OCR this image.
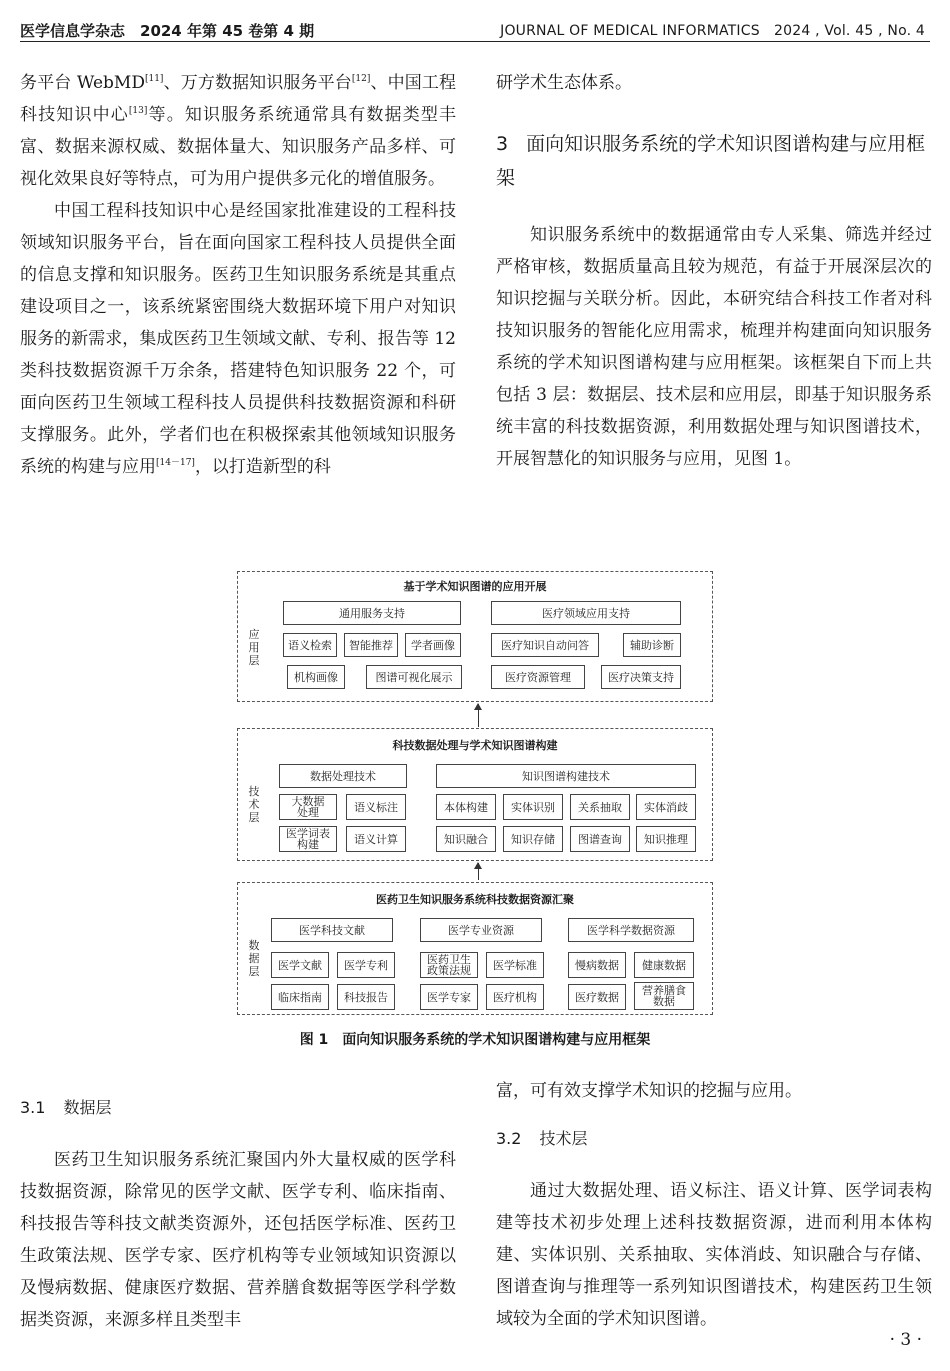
医学信息学杂志　2024 年第 45 卷第 4 期	JOURNAL OF MEDICAL INFORMATICS　2024 , Vol. 45 , No. 4

务平台 WebMD[11]、万方数据知识服务平台[12]、中国工程科技知识中心[13]等。知识服务系统通常具有数据类型丰富、数据来源权威、数据体量大、知识服务产品多样、可视化效果良好等特点，可为用户提供多元化的增值服务。

中国工程科技知识中心是经国家批准建设的工程科技领域知识服务平台，旨在面向国家工程科技人员提供全面的信息支撑和知识服务。医药卫生知识服务系统是其重点建设项目之一，该系统紧密围绕大数据环境下用户对知识服务的新需求，集成医药卫生领域文献、专利、报告等 12 类科技数据资源千万余条，搭建特色知识服务 22 个，可面向医药卫生领域工程科技人员提供科技数据资源和科研支撑服务。此外，学者们也在积极探索其他领域知识服务系统的构建与应用[14－17]，以打造新型的科

研学术生态体系。

3 面向知识服务系统的学术知识图谱构建与应用框架

知识服务系统中的数据通常由专人采集、筛选并经过严格审核，数据质量高且较为规范，有益于开展深层次的知识挖掘与关联分析。因此，本研究结合科技工作者对科技知识服务的智能化应用需求，梳理并构建面向知识服务系统的学术知识图谱构建与应用框架。该框架自下而上共包括 3 层：数据层、技术层和应用层，即基于知识服务系统丰富的科技数据资源，利用数据处理与知识图谱技术，开展智慧化的知识服务与应用，见图 1。

基于学术知识图谱的应用开展
应
用
层
通用服务支持	医疗领域应用支持
语义检索	智能推荐	学者画像
机构画像	图谱可视化展示
医疗知识自动问答	辅助诊断
医疗资源管理	医疗决策支持
科技数据处理与学术知识图谱构建
技
术
层
数据处理技术	知识图谱构建技术
大数据
处理	语义标注
医学词表
构建	语义计算
本体构建	实体识别	关系抽取	实体消歧
知识融合	知识存储	图谱查询	知识推理
医药卫生知识服务系统科技数据资源汇聚
数
据
层
医学科技文献	医学专业资源	医学科学数据资源
医学文献	医学专利
临床指南	科技报告
医药卫生
政策法规	医学标准
医学专家	医疗机构
慢病数据	健康数据
医疗数据	营养膳食
数据
图 1 面向知识服务系统的学术知识图谱构建与应用框架
3.1 数据层

医药卫生知识服务系统汇聚国内外大量权威的医学科技数据资源，除常见的医学文献、医学专利、临床指南、科技报告等科技文献类资源外，还包括医学标准、医药卫生政策法规、医学专家、医疗机构等专业领域知识资源以及慢病数据、健康医疗数据、营养膳食数据等医学科学数据类资源，来源多样且类型丰

富，可有效支撑学术知识的挖掘与应用。

3.2 技术层

通过大数据处理、语义标注、语义计算、医学词表构建等技术初步处理上述科技数据资源，进而利用本体构建、实体识别、关系抽取、实体消歧、知识融合与存储、图谱查询与推理等一系列知识图谱技术，构建医药卫生领域较为全面的学术知识图谱。

· 3 ·
